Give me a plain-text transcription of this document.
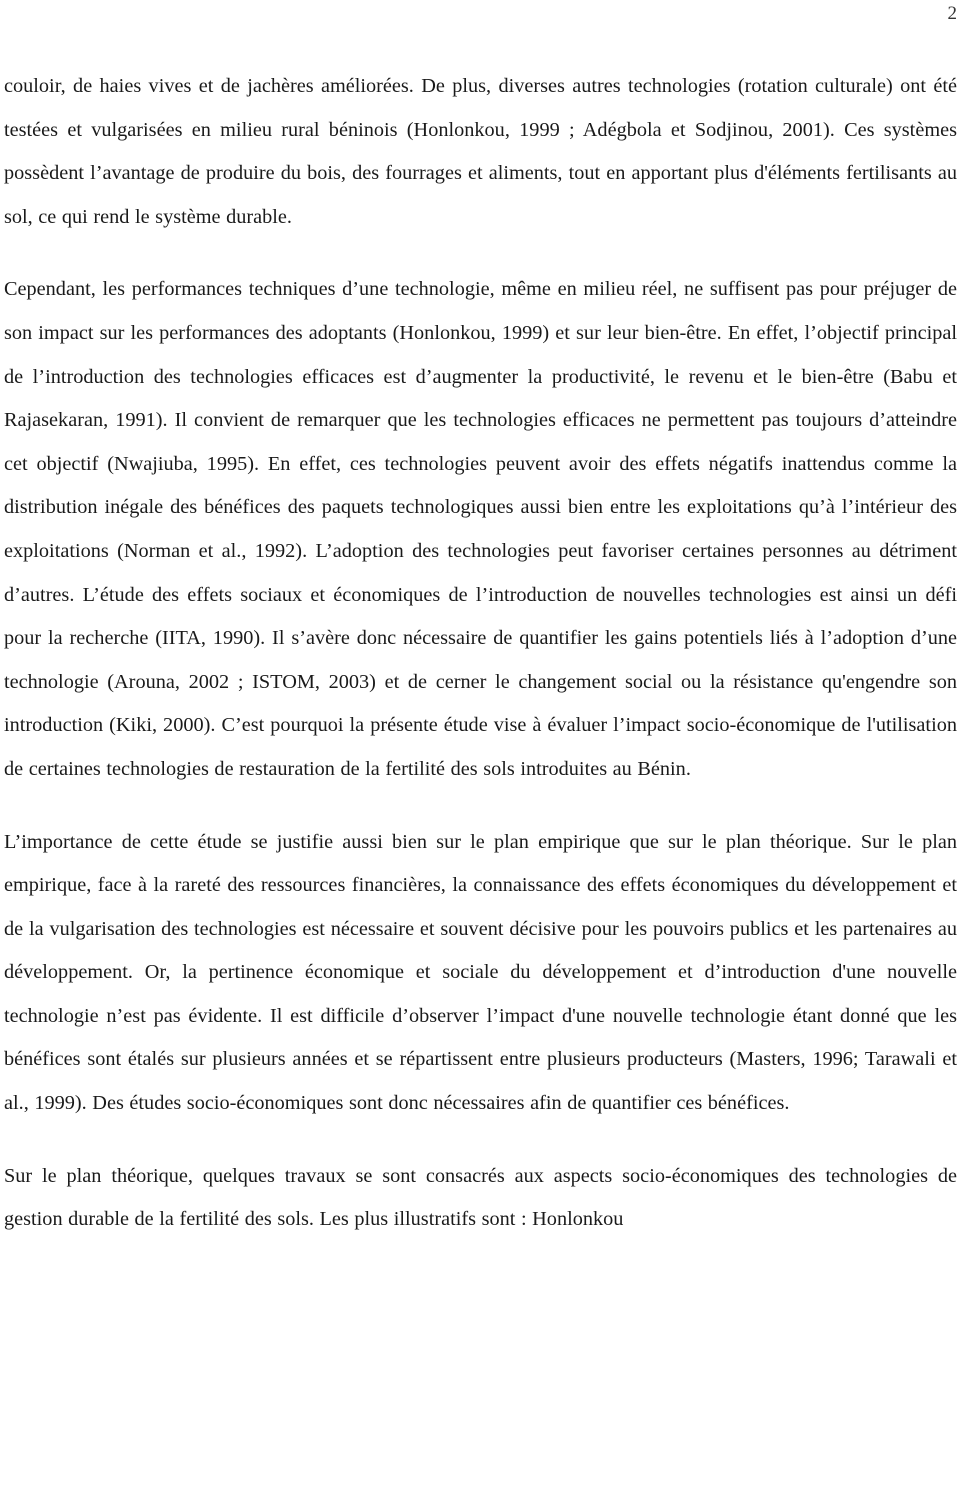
2

couloir, de haies vives et de jachères améliorées. De plus, diverses autres technologies (rotation culturale) ont été testées et vulgarisées en milieu rural béninois (Honlonkou, 1999 ; Adégbola et Sodjinou, 2001). Ces systèmes possèdent l’avantage de produire du bois, des fourrages et aliments, tout en apportant plus d'éléments fertilisants au sol, ce qui rend le système durable.

Cependant, les performances techniques d’une technologie, même en milieu réel, ne suffisent pas pour préjuger de son impact sur les performances des adoptants (Honlonkou, 1999) et sur leur bien-être. En effet, l’objectif principal de l’introduction des technologies efficaces est d’augmenter la productivité, le revenu et le bien-être (Babu et Rajasekaran, 1991). Il convient de remarquer que les technologies efficaces ne permettent pas toujours d’atteindre cet objectif (Nwajiuba, 1995). En effet, ces technologies peuvent avoir des effets négatifs inattendus comme la distribution inégale des bénéfices des paquets technologiques aussi bien entre les exploitations qu’à l’intérieur des exploitations (Norman et al., 1992). L’adoption des technologies peut favoriser certaines personnes au détriment d’autres. L’étude des effets sociaux et économiques de l’introduction de nouvelles technologies est ainsi un défi pour la recherche (IITA, 1990). Il s’avère donc nécessaire de quantifier les gains potentiels liés à l’adoption d’une technologie (Arouna, 2002 ; ISTOM, 2003) et de cerner le changement social ou la résistance qu'engendre son introduction (Kiki, 2000). C’est pourquoi la présente étude vise à évaluer l’impact socio-économique de l'utilisation de certaines technologies de restauration de la fertilité des sols introduites au Bénin.

L’importance de cette étude se justifie aussi bien sur le plan empirique que sur le plan théorique. Sur le plan empirique, face à la rareté des ressources financières, la connaissance des effets économiques du développement et de la vulgarisation des technologies est nécessaire et souvent décisive pour les pouvoirs publics et les partenaires au développement. Or, la pertinence économique et sociale du développement et d’introduction d'une nouvelle technologie n’est pas évidente. Il est difficile d’observer l’impact d'une nouvelle technologie étant donné que les bénéfices sont étalés sur plusieurs années et se répartissent entre plusieurs producteurs (Masters, 1996; Tarawali et al., 1999). Des études socio-économiques sont donc nécessaires afin de quantifier ces bénéfices.

Sur le plan théorique, quelques travaux se sont consacrés aux aspects socio-économiques des technologies de gestion durable de la fertilité des sols. Les plus illustratifs sont : Honlonkou
